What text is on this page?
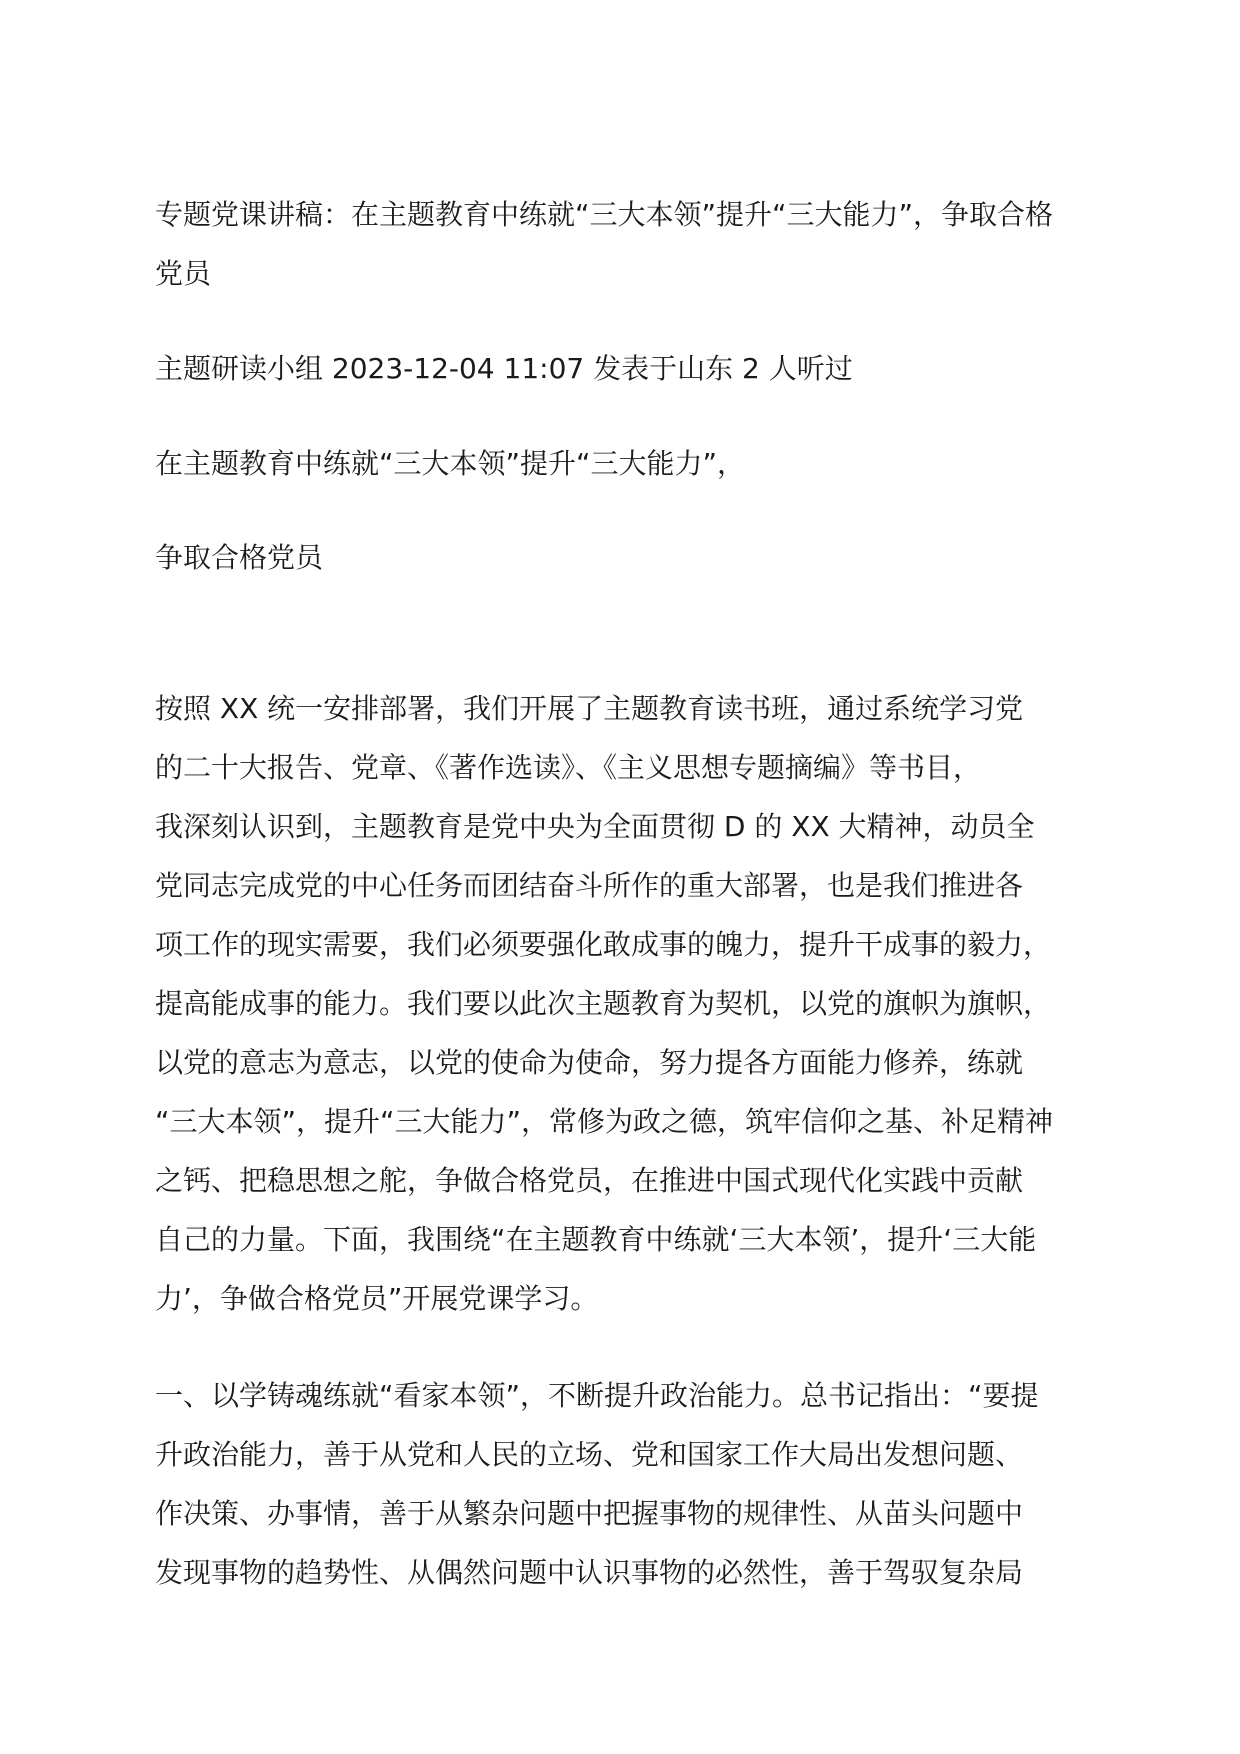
专题党课讲稿：在主题教育中练就“三大本领”提升“三大能力”，争取合格
党员
主题研读小组 2023-12-04 11:07 发表于山东 2 人听过
在主题教育中练就“三大本领”提升“三大能力”，
争取合格党员
按照 XX 统一安排部署，我们开展了主题教育读书班，通过系统学习党
的二十大报告、党章、《著作选读》、《主义思想专题摘编》等书目，
我深刻认识到，主题教育是党中央为全面贯彻 D 的 XX 大精神，动员全
党同志完成党的中心任务而团结奋斗所作的重大部署，也是我们推进各
项工作的现实需要，我们必须要强化敢成事的魄力，提升干成事的毅力，
提高能成事的能力。我们要以此次主题教育为契机，以党的旗帜为旗帜，
以党的意志为意志，以党的使命为使命，努力提各方面能力修养，练就
“三大本领”，提升“三大能力”，常修为政之德，筑牢信仰之基、补足精神
之钙、把稳思想之舵，争做合格党员，在推进中国式现代化实践中贡献
自己的力量。下面，我围绕“在主题教育中练就‘三大本领’，提升‘三大能
力’，争做合格党员”开展党课学习。
一、以学铸魂练就“看家本领”，不断提升政治能力。总书记指出：“要提
升政治能力，善于从党和人民的立场、党和国家工作大局出发想问题、
作决策、办事情，善于从繁杂问题中把握事物的规律性、从苗头问题中
发现事物的趋势性、从偶然问题中认识事物的必然性，善于驾驭复杂局
